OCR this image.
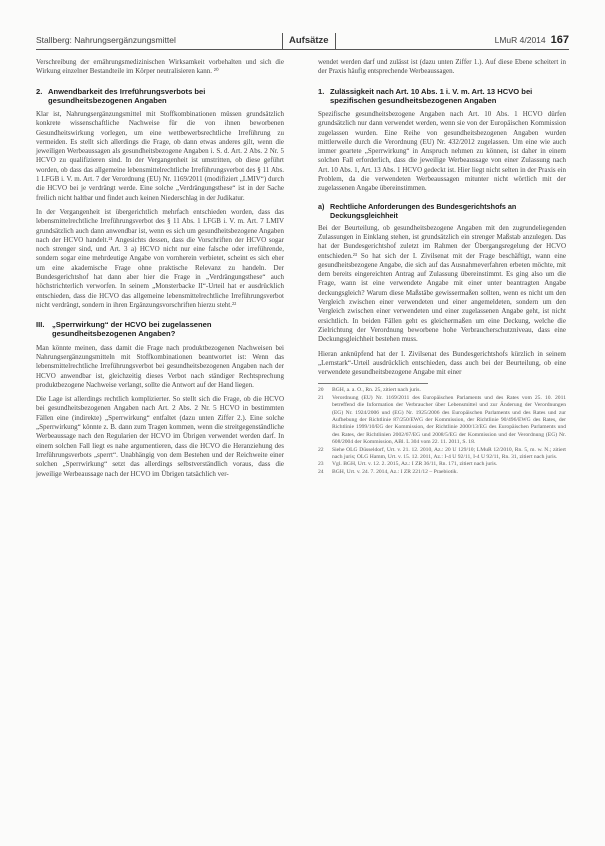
Stallberg: Nahrungsergänzungsmittel	Aufsätze	LMuR 4/2014 167

Verschreibung der ernährungsmedizinischen Wirksamkeit vorbehalten und sich die Wirkung einzelner Bestandteile im Körper neutralisieren kann. ²⁰

2. Anwendbarkeit des Irreführungsverbots bei gesundheitsbezogenen Angaben

Klar ist, Nahrungsergänzungsmittel mit Stoffkombinationen müssen grundsätzlich konkrete wissenschaftliche Nachweise für die von ihnen beworbenen Gesundheitswirkung vorlegen, um eine wettbewerbsrechtliche Irreführung zu vermeiden. Es stellt sich allerdings die Frage, ob dann etwas anderes gilt, wenn die jeweiligen Werbeaussagen als gesundheitsbezogene Angaben i. S. d. Art. 2 Abs. 2 Nr. 5 HCVO zu qualifizieren sind. In der Vergangenheit ist umstritten, ob diese geführt worden, ob dass das allgemeine lebensmittelrechtliche Irreführungsverbot des § 11 Abs. 1 LFGB i. V. m. Art. 7 der Verordnung (EU) Nr. 1169/2011 (modifiziert „LMIV“) durch die HCVO bei je verdrängt werde. Eine solche „Verdrängungsthese“ ist in der Sache freilich nicht haltbar und findet auch keinen Niederschlag in der Judikatur.

In der Vergangenheit ist übergerichtlich mehrfach entschieden worden, dass das lebensmittelrechtliche Irreführungsverbot des § 11 Abs. 1 LFGB i. V. m. Art. 7 LMIV grundsätzlich auch dann anwendbar ist, wenn es sich um gesundheitsbezogene Angaben nach der HCVO handelt.²¹ Angesichts dessen, dass die Vorschriften der HCVO sogar noch strenger sind, und Art. 3 a) HCVO nicht nur eine falsche oder irreführende, sondern sogar eine mehrdeutige Angabe von vornherein verbietet, scheint es sich eher um eine akademische Frage ohne praktische Relevanz zu handeln. Der Bundesgerichtshof hat dann aber hier die Frage in „Verdrängungsthese“ auch höchstrichterlich verworfen. In seinem „Monsterbacke II“-Urteil hat er ausdrücklich entschieden, dass die HCVO das allgemeine lebensmittelrechtliche Irreführungsverbot nicht verdrängt, sondern in ihren Ergänzungsvorschriften hierzu steht.²²

III. „Sperrwirkung“ der HCVO bei zugelassenen gesundheitsbezogenen Angaben?

Man könnte meinen, dass damit die Frage nach produktbezogenen Nachweisen bei Nahrungsergänzungsmitteln mit Stoffkombinationen beantwortet ist: Wenn das lebensmittelrechtliche Irreführungsverbot bei gesundheitsbezogenen Angaben nach der HCVO anwendbar ist, gleichzeitig dieses Verbot nach ständiger Rechtsprechung produktbezogene Nachweise verlangt, sollte die Antwort auf der Hand liegen.

Die Lage ist allerdings rechtlich komplizierter. So stellt sich die Frage, ob die HCVO bei gesundheitsbezogenen Angaben nach Art. 2 Abs. 2 Nr. 5 HCVO in bestimmten Fällen eine (indirekte) „Sperrwirkung“ entfaltet (dazu unten Ziffer 2.). Eine solche „Sperrwirkung“ könnte z. B. dann zum Tragen kommen, wenn die streitgegenständliche Werbeaussage nach den Regularien der HCVO im Übrigen verwendet werden darf. In einem solchen Fall liegt es nahe argumentieren, dass die HCVO die Heranziehung des Irreführungsverbots „sperrt“. Unabhängig von dem Bestehen und der Reichweite einer solchen „Sperrwirkung“ setzt das allerdings selbstverständlich voraus, dass die jeweilige Werbeaussage nach der HCVO im Übrigen tatsächlich ver-

wendet werden darf und zulässt ist (dazu unten Ziffer 1.). Auf diese Ebene scheitert in der Praxis häufig entsprechende Werbeaussagen.

1. Zulässigkeit nach Art. 10 Abs. 1 i. V. m. Art. 13 HCVO bei spezifischen gesundheitsbezogenen Angaben

Spezifische gesundheitsbezogene Angaben nach Art. 10 Abs. 1 HCVO dürfen grundsätzlich nur dann verwendet werden, wenn sie von der Europäischen Kommission zugelassen wurden. Eine Reihe von gesundheitsbezogenen Angaben wurden mittlerweile durch die Verordnung (EU) Nr. 432/2012 zugelassen. Um eine wie auch immer geartete „Sperrwirkung“ in Anspruch nehmen zu können, ist daher in einem solchen Fall erforderlich, dass die jeweilige Werbeaussage von einer Zulassung nach Art. 10 Abs. 1, Art. 13 Abs. 1 HCVO gedeckt ist. Hier liegt nicht selten in der Praxis ein Problem, da die verwendeten Werbeaussagen mitunter nicht wörtlich mit der zugelassenen Angabe übereinstimmen.

a) Rechtliche Anforderungen des Bundesgerichtshofs an Deckungsgleichheit

Bei der Beurteilung, ob gesundheitsbezogene Angaben mit den zugrundeliegenden Zulassungen in Einklang stehen, ist grundsätzlich ein strenger Maßstab anzulegen. Das hat der Bundesgerichtshof zuletzt im Rahmen der Übergangsregelung der HCVO entschieden.²³ So hat sich der I. Zivilsenat mit der Frage beschäftigt, wann eine gesundheitsbezogene Angabe, die sich auf das Ausnahmeverfahren erbeten möchte, mit dem bereits eingereichten Antrag auf Zulassung übereinstimmt. Es ging also um die Frage, wann ist eine verwendete Angabe mit einer unter beantragten Angabe deckungsgleich? Warum diese Maßstäbe gewissermaßen sollten, wenn es nicht um den Vergleich zwischen einer verwendeten und einer angemeldeten, sondern um den Vergleich zwischen einer verwendeten und einer zugelassenen Angabe geht, ist nicht ersichtlich. In beiden Fällen geht es gleichermaßen um eine Deckung, welche die Zielrichtung der Verordnung beworbene hohe Verbraucherschutzniveau, dass eine Deckungsgleichheit bestehen muss.

Hieran anknüpfend hat der I. Zivilsenat des Bundesgerichtshofs kürzlich in seinem „Lernstark“-Urteil ausdrücklich entschieden, dass auch bei der Beurteilung, ob eine verwendete gesundheitsbezogene Angabe mit einer

20	BGH, a. a. O., Rn. 25, zitiert nach juris.
21	Verordnung (EU) Nr. 1169/2011 des Europäischen Parlaments und des Rates vom 25. 10. 2011 betreffend die Information der Verbraucher über Lebensmittel und zur Änderung der Verordnungen (EG) Nr. 1924/2006 und (EG) Nr. 1925/2006 des Europäischen Parlaments und des Rates und zur Aufhebung der Richtlinie 87/250/EWG der Kommission, der Richtlinie 90/496/EWG des Rates, der Richtlinie 1999/10/EG der Kommission, der Richtlinie 2000/13/EG des Europäischen Parlaments und des Rates, der Richtlinien 2002/67/EG und 2008/5/EG der Kommission und der Verordnung (EG) Nr. 608/2004 der Kommission, ABl. L 304 vom 22. 11. 2011, S. 18.
22	Siehe OLG Düsseldorf, Urt. v. 21. 12. 2010, Az.: 20 U 129/10; LMuR 12/2010, Rn. 5, m. w. N.; zitiert nach juris; OLG Hamm, Urt. v. 15. 12. 2011, Az.: I-4 U 92/11, I-4 U 92/11, Rn. 31, zitiert nach juris.
23	Vgl. BGH, Urt. v. 12. 2. 2015, Az.: I ZR 36/11, Rn. 171, zitiert nach juris.
24	BGH, Urt. v. 24. 7. 2014, Az.: I ZR 221/12 – Praebiotik.
